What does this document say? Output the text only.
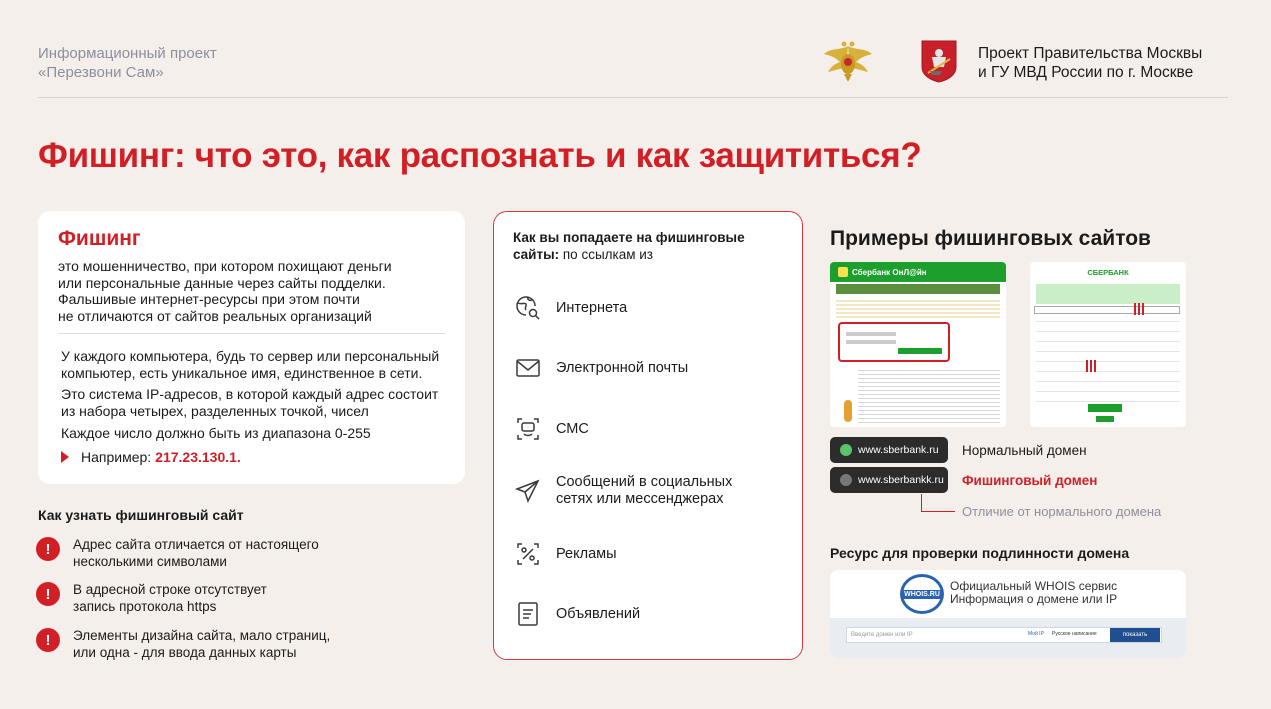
Информационный проект
«Перезвони Сам»
Проект Правительства Москвы
и ГУ МВД России по г. Москве
Фишинг: что это, как распознать и как защититься?
Фишинг
это мошенничество, при котором похищают деньги
или персональные данные через сайты подделки.
Фальшивые интернет-ресурсы при этом почти
не отличаются от сайтов реальных организаций
У каждого компьютера, будь то сервер или персональный
компьютер, есть уникальное имя, единственное в сети.
Это система IP-адресов, в которой каждый адрес состоит
из набора четырех, разделенных точкой, чисел
Каждое число должно быть из диапазона 0-255
Например: 217.23.130.1.
Как узнать фишинговый сайт
!	Адрес сайта отличается от настоящего
несколькими символами
!	В адресной строке отсутствует
запись протокола https
!	Элементы дизайна сайта, мало страниц,
или одна - для ввода данных карты
Как вы попадаете на фишинговые
сайты: по ссылкам из
Интернета
Электронной почты
СМС
Сообщений в социальных
сетях или мессенджерах
Рекламы
Объявлений
Примеры фишинговых сайтов
Сбербанк ОнЛ@йн	СБЕРБАНК
www.sberbank.ru Нормальный домен
www.sberbankk.ru Фишинговый домен
Отличие от нормального домена
Ресурс для проверки подлинности домена
WHOIS.RU
Официальный WHOIS сервис
Информация о домене или IP
Введите домен или IP	Мой IP Русское написание	показать
